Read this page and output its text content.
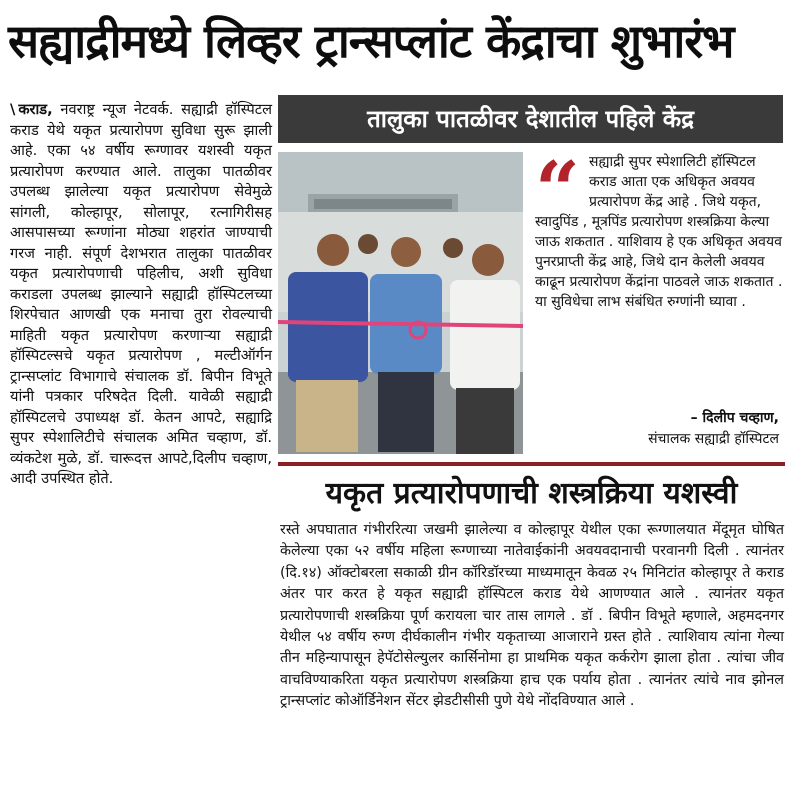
सह्याद्रीमध्ये लिव्हर ट्रान्सप्लांट केंद्राचा शुभारंभ
\ कराड, नवराष्ट्र न्यूज नेटवर्क. सह्याद्री हॉस्पिटल कराड येथे यकृत प्रत्यारोपण सुविधा सुरू झाली आहे. एका ५४ वर्षीय रूग्णावर यशस्वी यकृत प्रत्यारोपण करण्यात आले. तालुका पातळीवर उपलब्ध झालेल्या यकृत प्रत्यारोपण सेवेमुळे सांगली, कोल्हापूर, सोलापूर, रत्नागिरीसह आसपासच्या रूग्णांना मोठ्या शहरांत जाण्याची गरज नाही. संपूर्ण देशभरात तालुका पातळीवर यकृत प्रत्यारोपणाची पहिलीच, अशी सुविधा कराडला उपलब्ध झाल्याने सह्याद्री हॉस्पिटलच्या शिरपेचात आणखी एक मनाचा तुरा रोवल्याची माहिती यकृत प्रत्यारोपण करणाऱ्या सह्याद्री हॉस्पिटल्सचे यकृत प्रत्यारोपण , मल्टीऑर्गन ट्रान्सप्लांट विभागाचे संचालक डॉ. बिपीन विभूते यांनी पत्रकार परिषदेत दिली. यावेळी सह्याद्री हॉस्पिटलचे उपाध्यक्ष डॉ. केतन आपटे, सह्याद्रि सुपर स्पेशालिटीचे संचालक अमित चव्हाण, डॉ. व्यंकटेश मुळे, डॉ. चारूदत्त आपटे,दिलीप चव्हाण, आदी उपस्थित होते.
तालुका पातळीवर देशातील पहिले केंद्र
“ सह्याद्री सुपर स्पेशालिटी हॉस्पिटल कराड आता एक अधिकृत अवयव प्रत्यारोपण केंद्र आहे . जिथे यकृत, स्वादुपिंड , मूत्रपिंड प्रत्यारोपण शस्त्रक्रिया केल्या जाऊ शकतात . याशिवाय हे एक अधिकृत अवयव पुनरप्राप्ती केंद्र आहे, जिथे दान केलेली अवयव काढून प्रत्यारोपण केंद्रांना पाठवले जाऊ शकतात . या सुविधेचा लाभ संबंधित रुग्णांनी घ्यावा .
– दिलीप चव्हाण,
संचालक सह्याद्री हॉस्पिटल
यकृत प्रत्यारोपणाची शस्त्रक्रिया यशस्वी
रस्ते अपघातात गंभीररित्या जखमी झालेल्या व कोल्हापूर येथील एका रूग्णालयात मेंदूमृत घोषित केलेल्या एका ५२ वर्षीय महिला रूग्णाच्या नातेवाईकांनी अवयवदानाची परवानगी दिली . त्यानंतर (दि.१४) ऑक्टोबरला सकाळी ग्रीन कॉरिडॉरच्या माध्यमातून केवळ २५ मिनिटांत कोल्हापूर ते कराड अंतर पार करत हे यकृत सह्याद्री हॉस्पिटल कराड येथे आणण्यात आले . त्यानंतर यकृत प्रत्यारोपणाची शस्त्रक्रिया पूर्ण करायला चार तास लागले . डॉ . बिपीन विभूते म्हणाले, अहमदनगर येथील ५४ वर्षीय रुग्ण दीर्घकालीन गंभीर यकृताच्या आजाराने ग्रस्त होते . त्याशिवाय त्यांना गेल्या तीन महिन्यापासून हेपॅटोसेल्युलर कार्सिनोमा हा प्राथमिक यकृत कर्करोग झाला होता . त्यांचा जीव वाचविण्याकरिता यकृत प्रत्यारोपण शस्त्रक्रिया हाच एक पर्याय होता . त्यानंतर त्यांचे नाव झोनल ट्रान्सप्लांट कोऑर्डिनेशन सेंटर झेडटीसीसी पुणे येथे नोंदविण्यात आले .
